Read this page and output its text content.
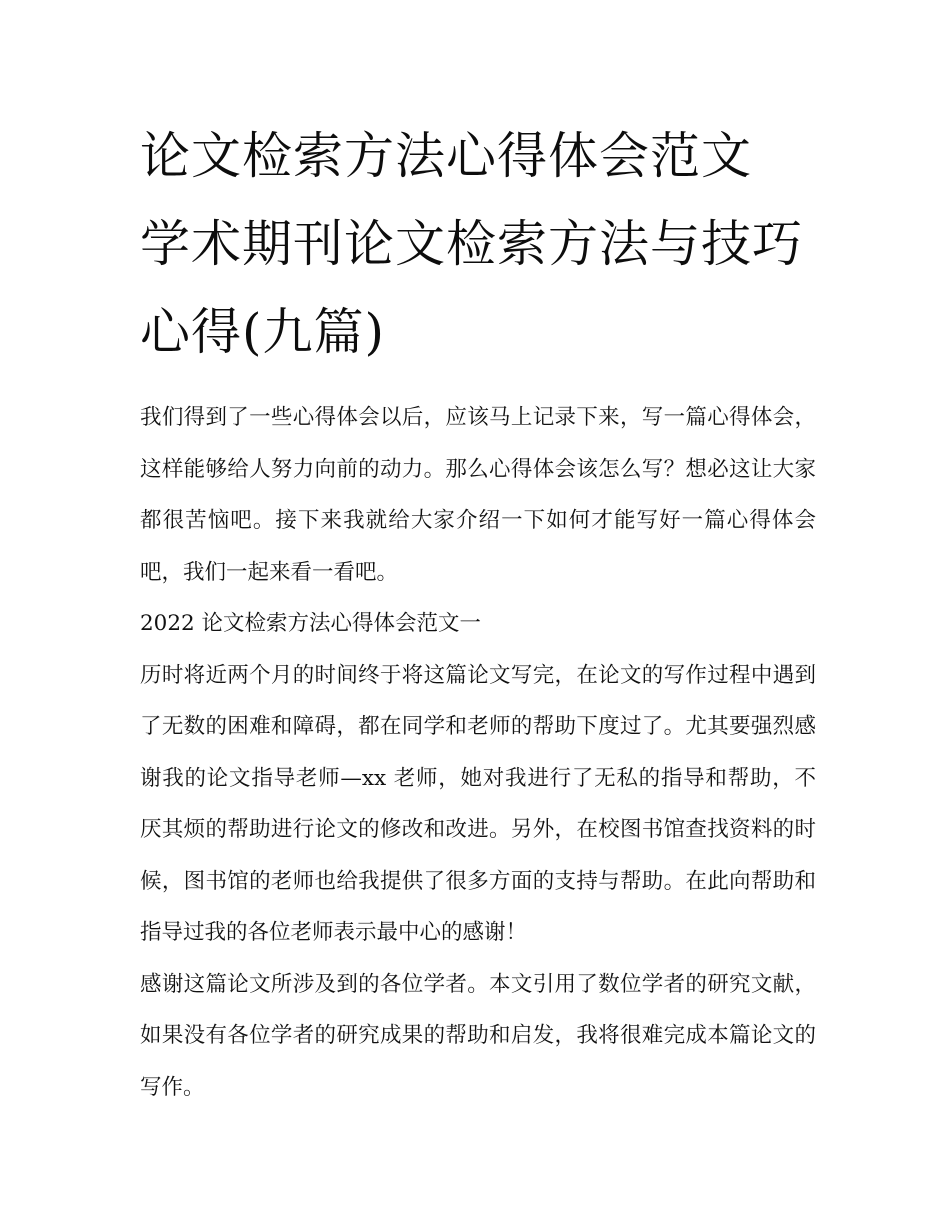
论文检索方法心得体会范文 学术期刊论文检索方法与技巧心得(九篇)

我们得到了一些心得体会以后，应该马上记录下来，写一篇心得体会，这样能够给人努力向前的动力。那么心得体会该怎么写？想必这让大家都很苦恼吧。接下来我就给大家介绍一下如何才能写好一篇心得体会吧，我们一起来看一看吧。

2022 论文检索方法心得体会范文一

历时将近两个月的时间终于将这篇论文写完，在论文的写作过程中遇到了无数的困难和障碍，都在同学和老师的帮助下度过了。尤其要强烈感谢我的论文指导老师—xx 老师，她对我进行了无私的指导和帮助，不厌其烦的帮助进行论文的修改和改进。另外，在校图书馆查找资料的时候，图书馆的老师也给我提供了很多方面的支持与帮助。在此向帮助和指导过我的各位老师表示最中心的感谢！

感谢这篇论文所涉及到的各位学者。本文引用了数位学者的研究文献，如果没有各位学者的研究成果的帮助和启发，我将很难完成本篇论文的写作。
